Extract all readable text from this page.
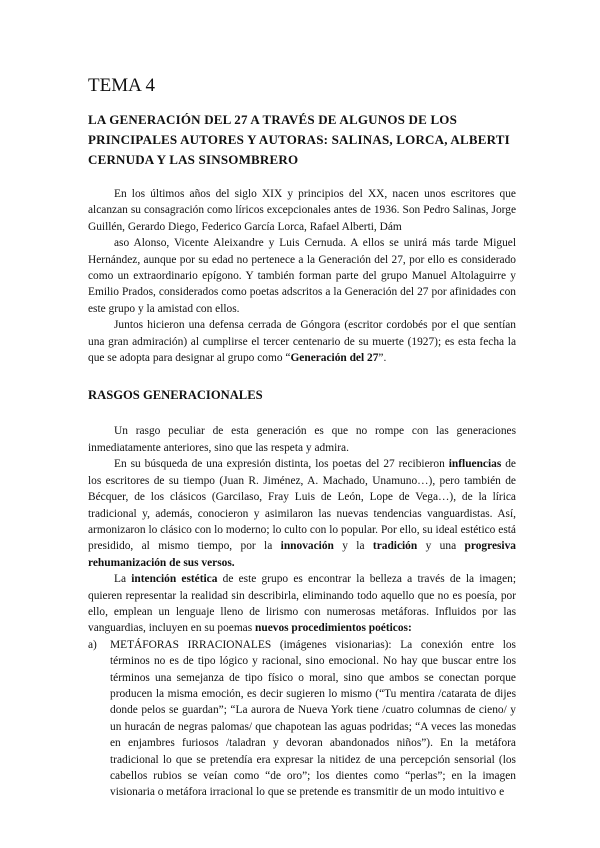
TEMA 4
LA GENERACIÓN DEL 27 A TRAVÉS DE ALGUNOS DE LOS PRINCIPALES AUTORES Y AUTORAS: SALINAS, LORCA, ALBERTI CERNUDA Y LAS SINSOMBRERO

En los últimos años del siglo XIX y principios del XX, nacen unos escritores que alcanzan su consagración como líricos excepcionales antes de 1936. Son Pedro Salinas, Jorge Guillén, Gerardo Diego, Federico García Lorca, Rafael Alberti, Dám

aso Alonso, Vicente Aleixandre y Luis Cernuda. A ellos se unirá más tarde Miguel Hernández, aunque por su edad no pertenece a la Generación del 27, por ello es considerado como un extraordinario epígono. Y también forman parte del grupo Manuel Altolaguirre y Emilio Prados, considerados como poetas adscritos a la Generación del 27 por afinidades con este grupo y la amistad con ellos.

Juntos hicieron una defensa cerrada de Góngora (escritor cordobés por el que sentían una gran admiración) al cumplirse el tercer centenario de su muerte (1927); es esta fecha la que se adopta para designar al grupo como “Generación del 27”.

RASGOS GENERACIONALES

Un rasgo peculiar de esta generación es que no rompe con las generaciones inmediatamente anteriores, sino que las respeta y admira.

En su búsqueda de una expresión distinta, los poetas del 27 recibieron influencias de los escritores de su tiempo (Juan R. Jiménez, A. Machado, Unamuno…), pero también de Bécquer, de los clásicos (Garcilaso, Fray Luis de León, Lope de Vega…), de la lírica tradicional y, además, conocieron y asimilaron las nuevas tendencias vanguardistas. Así, armonizaron lo clásico con lo moderno; lo culto con lo popular. Por ello, su ideal estético está presidido, al mismo tiempo, por la innovación y la tradición y una progresiva rehumanización de sus versos.

La intención estética de este grupo es encontrar la belleza a través de la imagen; quieren representar la realidad sin describirla, eliminando todo aquello que no es poesía, por ello, emplean un lenguaje lleno de lirismo con numerosas metáforas. Influidos por las vanguardias, incluyen en su poemas nuevos procedimientos poéticos:

a)	METÁFORAS IRRACIONALES (imágenes visionarias): La conexión entre los términos no es de tipo lógico y racional, sino emocional. No hay que buscar entre los términos una semejanza de tipo físico o moral, sino que ambos se conectan porque producen la misma emoción, es decir sugieren lo mismo (“Tu mentira /catarata de dijes donde pelos se guardan”; “La aurora de Nueva York tiene /cuatro columnas de cieno/ y un huracán de negras palomas/ que chapotean las aguas podridas; “A veces las monedas en enjambres furiosos /taladran y devoran abandonados niños”). En la metáfora tradicional lo que se pretendía era expresar la nitidez de una percepción sensorial (los cabellos rubios se veían como “de oro”; los dientes como “perlas”; en la imagen visionaria o metáfora irracional lo que se pretende es transmitir de un modo intuitivo e
